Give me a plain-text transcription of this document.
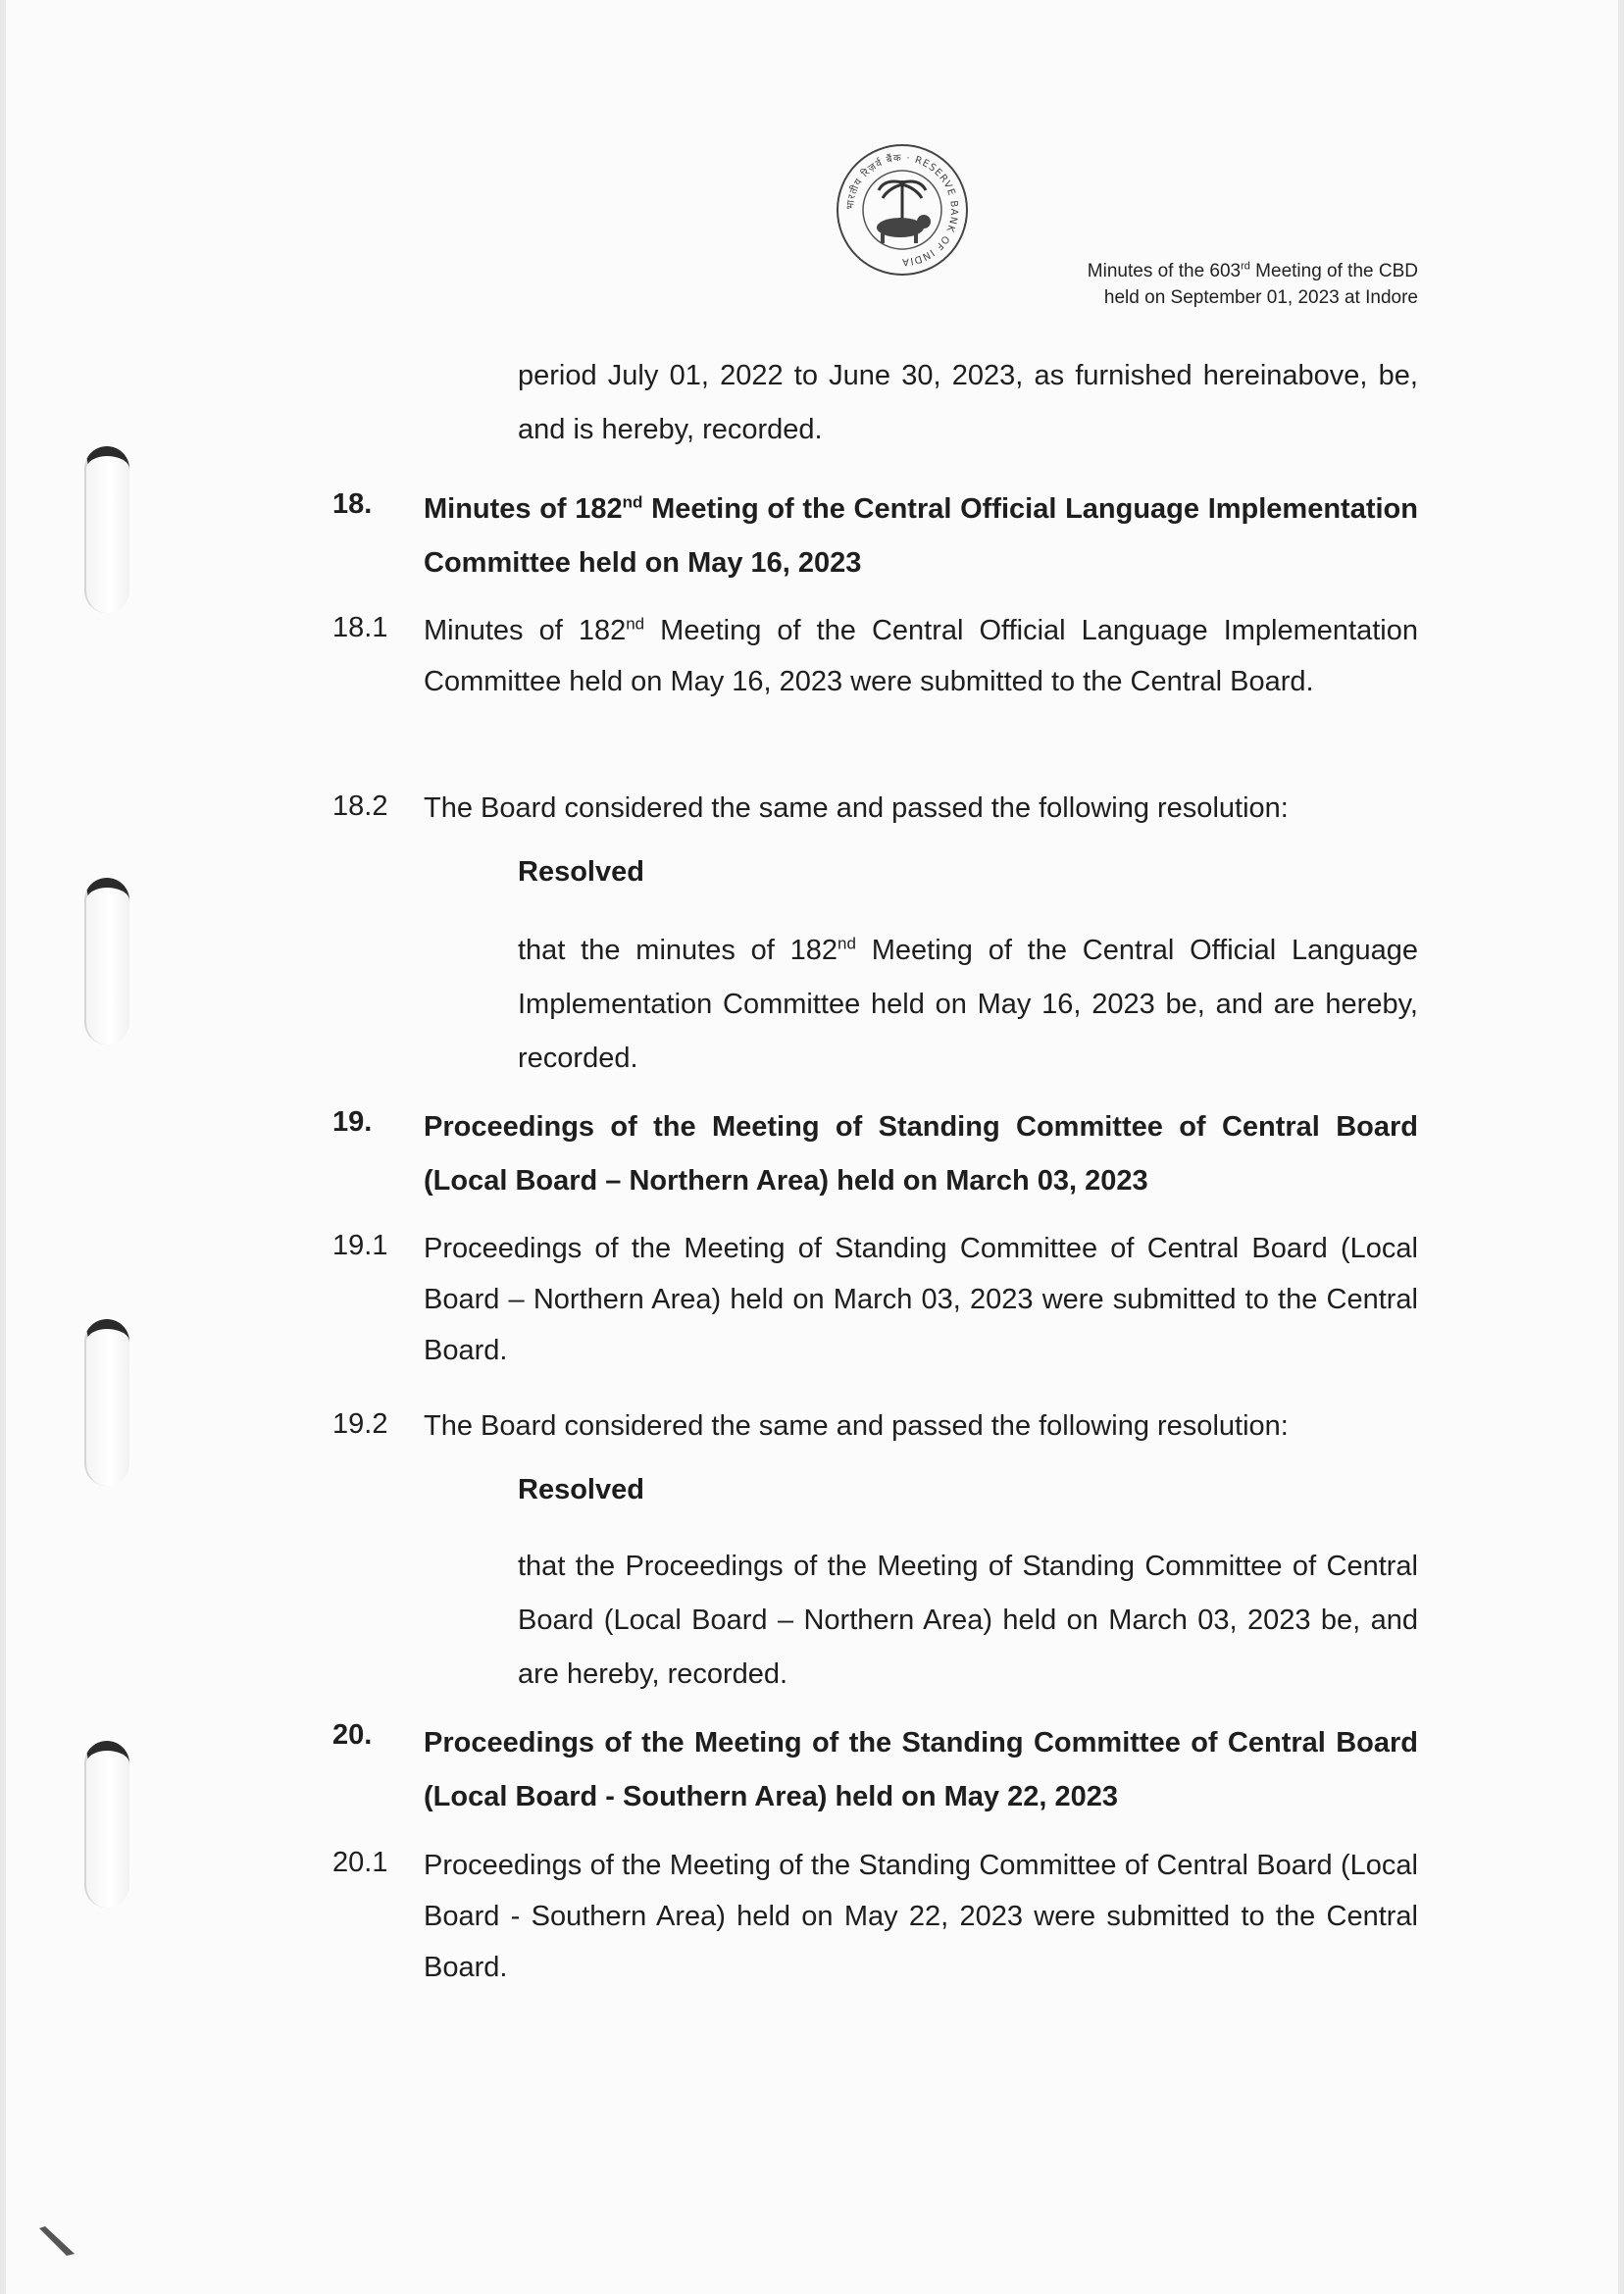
भारतीय रिज़र्व बैंक · RESERVE BANK OF INDIA	Minutes of the 603rd Meeting of the CBD
held on September 01, 2023 at Indore
period July 01, 2022 to June 30, 2023, as furnished hereinabove, be, and is hereby, recorded.
18. Minutes of 182nd Meeting of the Central Official Language Implementation Committee held on May 16, 2023
18.1 Minutes of 182nd Meeting of the Central Official Language Implementation Committee held on May 16, 2023 were submitted to the Central Board.
18.2 The Board considered the same and passed the following resolution:
Resolved
that the minutes of 182nd Meeting of the Central Official Language Implementation Committee held on May 16, 2023 be, and are hereby, recorded.
19. Proceedings of the Meeting of Standing Committee of Central Board (Local Board – Northern Area) held on March 03, 2023
19.1 Proceedings of the Meeting of Standing Committee of Central Board (Local Board – Northern Area) held on March 03, 2023 were submitted to the Central Board.
19.2 The Board considered the same and passed the following resolution:
Resolved
that the Proceedings of the Meeting of Standing Committee of Central Board (Local Board – Northern Area) held on March 03, 2023 be, and are hereby, recorded.
20. Proceedings of the Meeting of the Standing Committee of Central Board (Local Board - Southern Area) held on May 22, 2023
20.1 Proceedings of the Meeting of the Standing Committee of Central Board (Local Board - Southern Area) held on May 22, 2023 were submitted to the Central Board.
